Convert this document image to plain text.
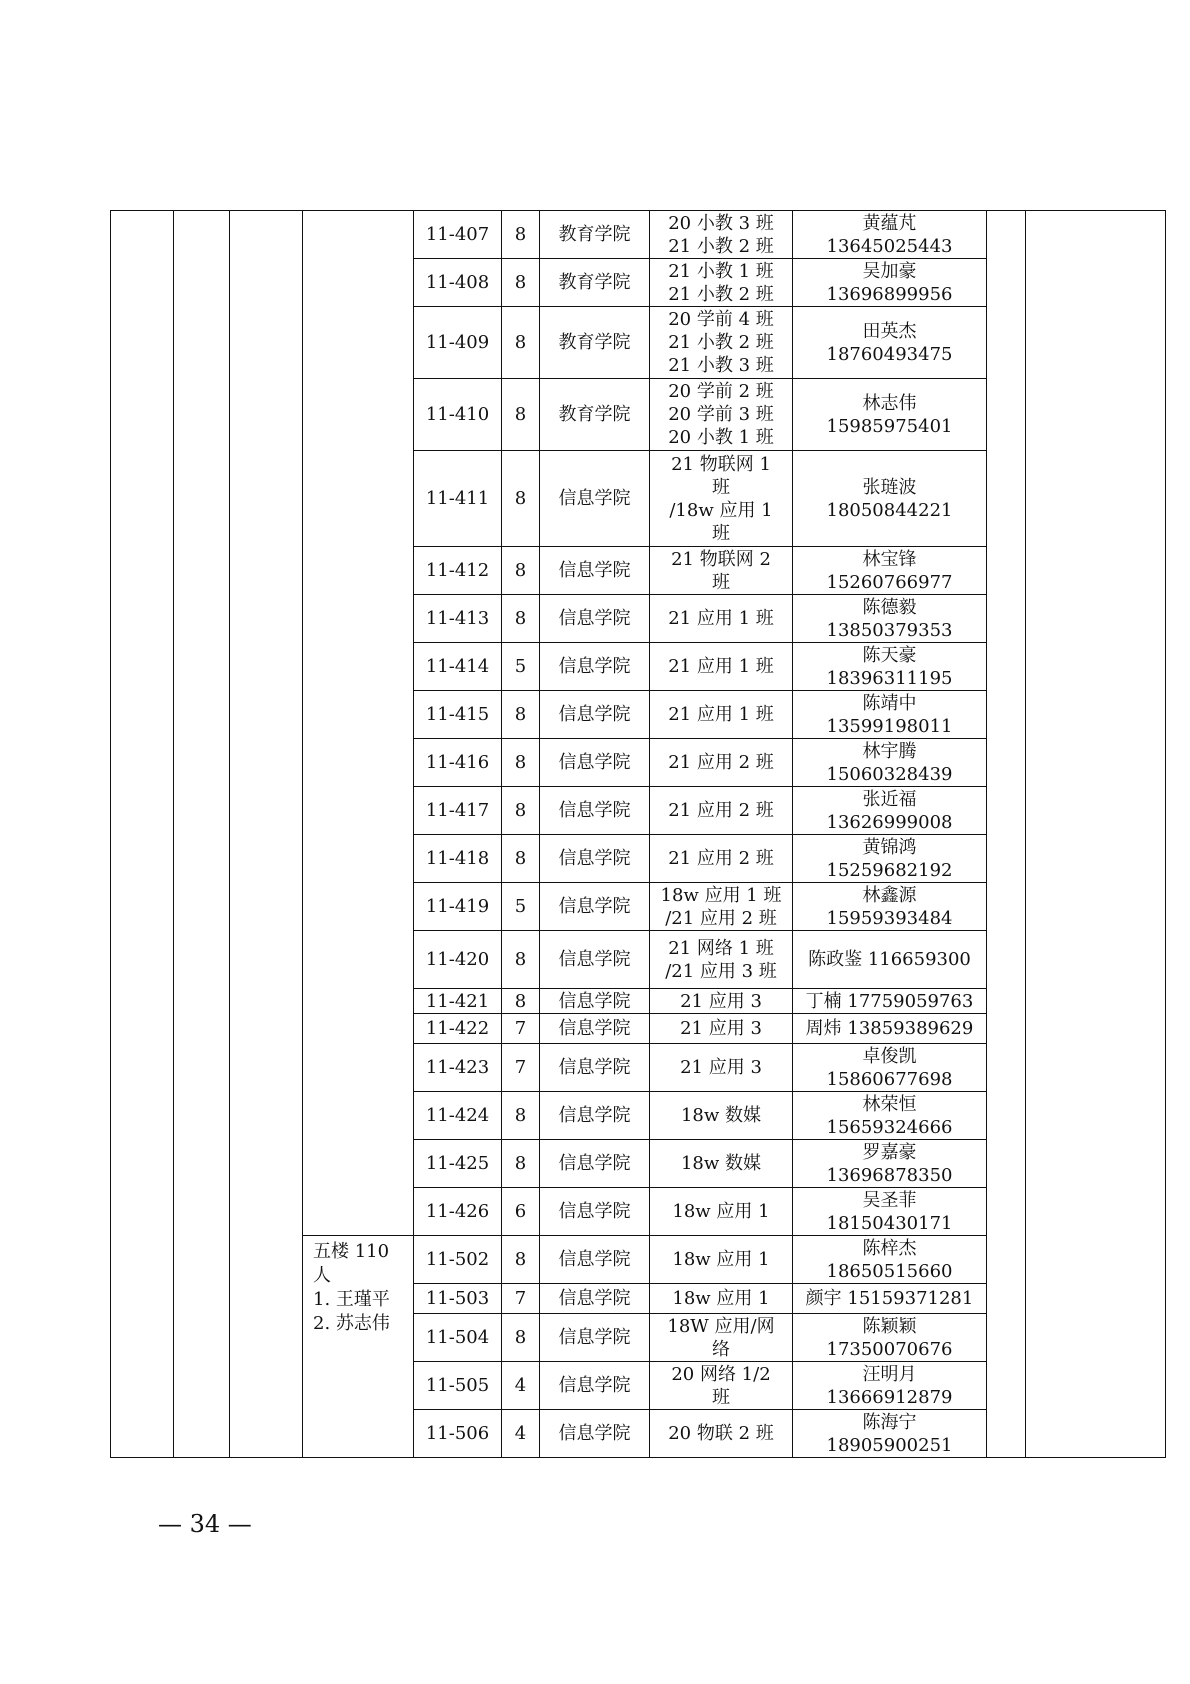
				11-407	8	教育学院	20 小教 3 班
21 小教 2 班	黄蕴芃
13645025443		

				11-408	8	教育学院	21 小教 1 班
21 小教 2 班	吴加豪
13696899956		

				11-409	8	教育学院	20 学前 4 班
21 小教 2 班
21 小教 3 班	田英杰
18760493475		

				11-410	8	教育学院	20 学前 2 班
20 学前 3 班
20 小教 1 班	林志伟
15985975401		

				11-411	8	信息学院	21 物联网 1
班
/18w 应用 1
班	张琏波
18050844221		

				11-412	8	信息学院	21 物联网 2
班	林宝锋
15260766977		

				11-413	8	信息学院	21 应用 1 班	陈德毅
13850379353		

				11-414	5	信息学院	21 应用 1 班	陈天豪
18396311195		

				11-415	8	信息学院	21 应用 1 班	陈靖中
13599198011		

				11-416	8	信息学院	21 应用 2 班	林宇腾
15060328439		

				11-417	8	信息学院	21 应用 2 班	张近福
13626999008		

				11-418	8	信息学院	21 应用 2 班	黄锦鸿
15259682192		

				11-419	5	信息学院	18w 应用 1 班
/21 应用 2 班	林鑫源
15959393484		

				11-420	8	信息学院	21 网络 1 班
/21 应用 3 班	陈政鉴 116659300		

				11-421	8	信息学院	21 应用 3	丁楠 17759059763		

				11-422	7	信息学院	21 应用 3	周炜 13859389629		

				11-423	7	信息学院	21 应用 3	卓俊凯
15860677698		

				11-424	8	信息学院	18w 数媒	林荣恒
15659324666		

				11-425	8	信息学院	18w 数媒	罗嘉豪
13696878350		

				11-426	6	信息学院	18w 应用 1	吴圣菲
18150430171		

			五楼 110
人
1. 王瑾平
2. 苏志伟	11-502	8	信息学院	18w 应用 1	陈梓杰
18650515660		

				11-503	7	信息学院	18w 应用 1	颜宇 15159371281		

				11-504	8	信息学院	18W 应用/网
络	陈颖颖
17350070676		

				11-505	4	信息学院	20 网络 1/2
班	汪明月
13666912879		

				11-506	4	信息学院	20 物联 2 班	陈海宁
18905900251		
— 34 —
